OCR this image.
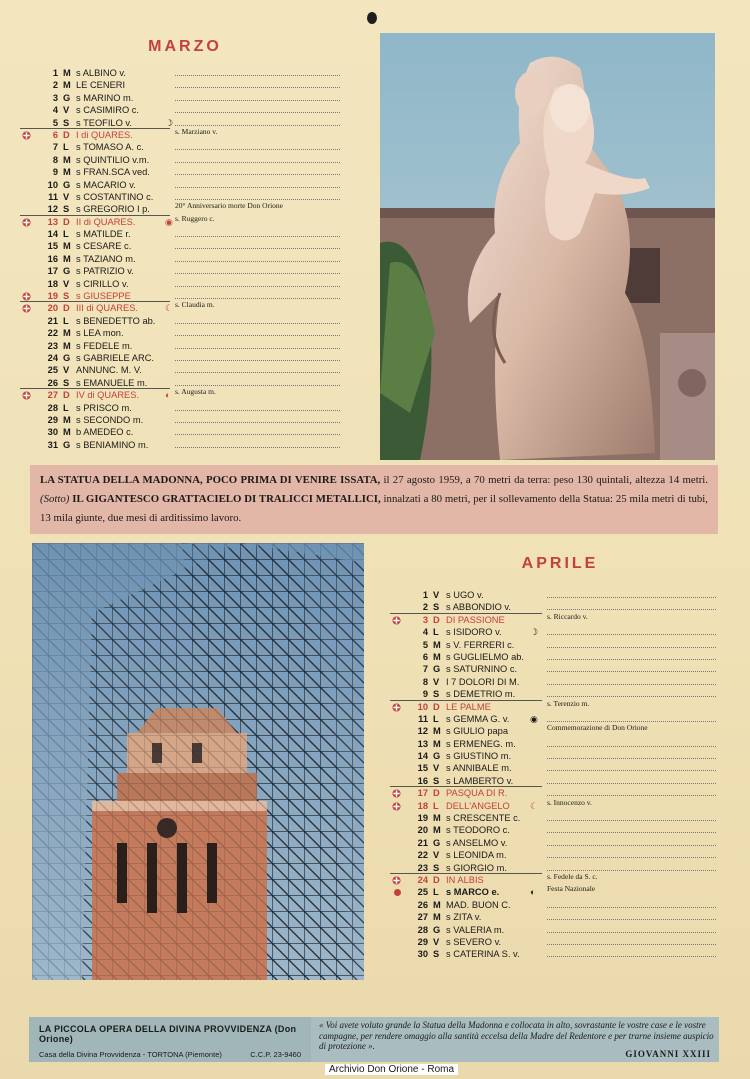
MARZO
1 M s ALBINO v.
2 M LE CENERI
3 G s MARINO m.
4 V s CASIMIRO c.
5 S s TEOFILO v.	☽
6 D I di QUARES.	s. Marziano v.
7 L s TOMASO A. c.
8 M s QUINTILIO v.m.
9 M s FRAN.SCA ved.
10 G s MACARIO v.
11 V s COSTANTINO c.
12 S s GREGORIO I p.	20° Anniversario morte Don Orione
13 D II di QUARES.	◉ s. Ruggero c.
14 L s MATILDE r.
15 M s CESARE c.
16 M s TAZIANO m.
17 G s PATRIZIO v.
18 V s CIRILLO v.
19 S s GIUSEPPE
20 D III di QUARES.	☾ s. Claudia m.
21 L s BENEDETTO ab.
22 M s LEA mon.
23 M s FEDELE m.
24 G s GABRIELE ARC.
25 V ANNUNC. M. V.
26 S s EMANUELE m.
27 D IV di QUARES.	◐ s. Augusta m.
28 L s PRISCO m.
29 M s SECONDO m.
30 M b AMEDEO c.
31 G s BENIAMINO m.
LA STATUA DELLA MADONNA, POCO PRIMA DI VENIRE ISSATA, il 27 agosto 1959, a 70 metri da terra: peso 130 quintali, altezza 14 metri. (Sotto) IL GIGANTESCO GRATTACIELO DI TRALICCI METALLICI, innalzati a 80 metri, per il sollevamento della Statua: 25 mila metri di tubi, 13 mila giunte, due mesi di arditissimo lavoro.
APRILE
1 V s UGO v.
2 S s ABBONDIO v.
3 D DI PASSIONE	s. Riccardo v.
4 L s ISIDORO v.	☽
5 M s V. FERRERI c.
6 M s GUGLIELMO ab.
7 G s SATURNINO c.
8 V I 7 DOLORI DI M.
9 S s DEMETRIO m.
10 D LE PALME	s. Terenzio m.
11 L s GEMMA G. v. ◉
12 M s GIULIO papa	Commemorazione di Don Orione
13 M s ERMENEG. m.
14 G s GIUSTINO m.
15 V s ANNIBALE m.
16 S s LAMBERTO v.
17 D PASQUA DI R.
18 L DELL'ANGELO ☾ s. Innocenzo v.
19 M s CRESCENTE c.
20 M s TEODORO c.
21 G s ANSELMO v.
22 V s LEONIDA m.
23 S s GIORGIO m.
24 D IN ALBIS	s. Fedele da S. c.
25 L s MARCO e.	◐ Festa Nazionale
26 M MAD. BUON C.
27 M s ZITA v.
28 G s VALERIA m.
29 V s SEVERO v.
30 S s CATERINA S. v.
LA PICCOLA OPERA DELLA DIVINA PROVVIDENZA (Don Orione)
Casa della Divina Provvidenza - TORTONA (Piemonte)	C.C.P. 23-9460
« Voi avete voluto grande la Statua della Madonna e collocata in alto, sovrastante le vostre case e le vostre campagne, per rendere omaggio alla santità eccelsa della Madre del Redentore e per trarne insieme auspicio di protezione ».
GIOVANNI XXIII
Archivio Don Orione - Roma
